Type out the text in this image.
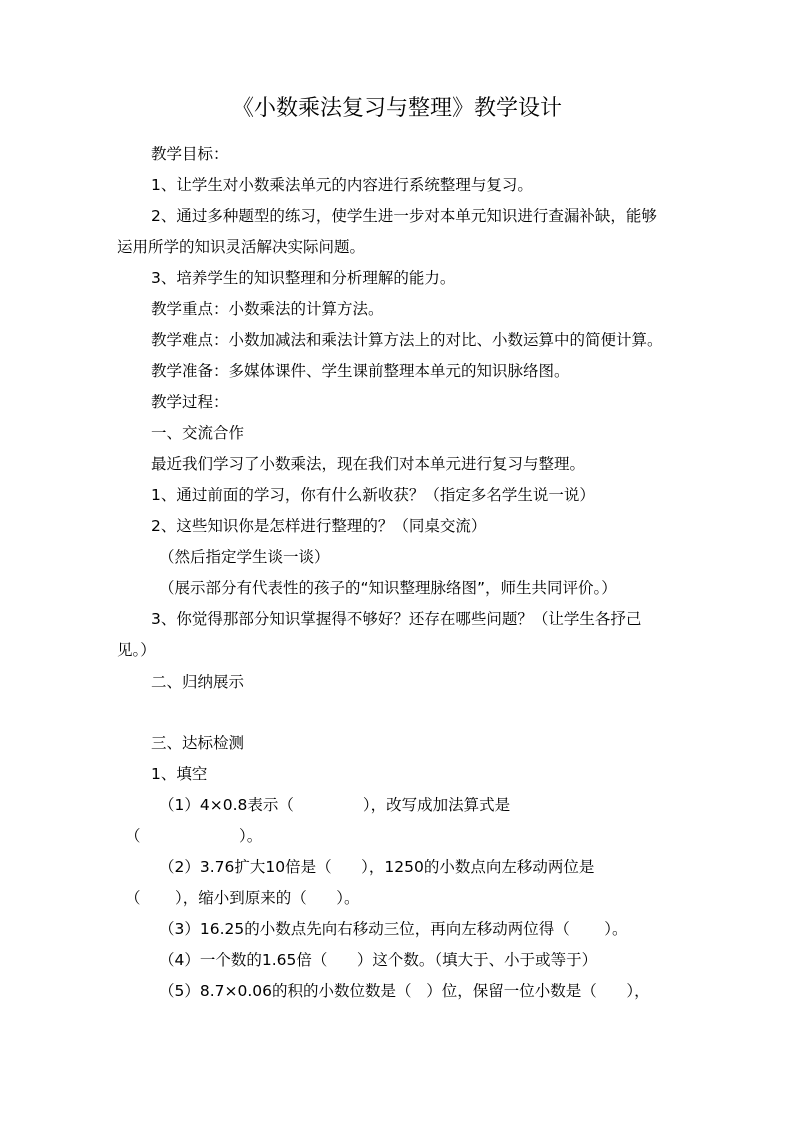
《小数乘法复习与整理》教学设计

教学目标：

1、让学生对小数乘法单元的内容进行系统整理与复习。

2、通过多种题型的练习，使学生进一步对本单元知识进行查漏补缺，能够

运用所学的知识灵活解决实际问题。

3、培养学生的知识整理和分析理解的能力。

教学重点：小数乘法的计算方法。

教学难点：小数加减法和乘法计算方法上的对比、小数运算中的简便计算。

教学准备：多媒体课件、学生课前整理本单元的知识脉络图。

教学过程：

一、交流合作

最近我们学习了小数乘法，现在我们对本单元进行复习与整理。

1、通过前面的学习，你有什么新收获？（指定多名学生说一说）

2、这些知识你是怎样进行整理的？（同桌交流）

（然后指定学生谈一谈）

（展示部分有代表性的孩子的“知识整理脉络图”，师生共同评价。）

3、你觉得那部分知识掌握得不够好？还存在哪些问题？（让学生各抒己

见。）

二、归纳展示

三、达标检测

1、填空

（1）4×0.8表示（              ），改写成加法算式是

（                    ）。

（2）3.76扩大10倍是（      ），1250的小数点向左移动两位是

（       ），缩小到原来的（      ）。

（3）16.25的小数点先向右移动三位，再向左移动两位得（       ）。

（4）一个数的1.65倍（      ）这个数。（填大于、小于或等于）

（5）8.7×0.06的积的小数位数是（   ）位，保留一位小数是（      ），
